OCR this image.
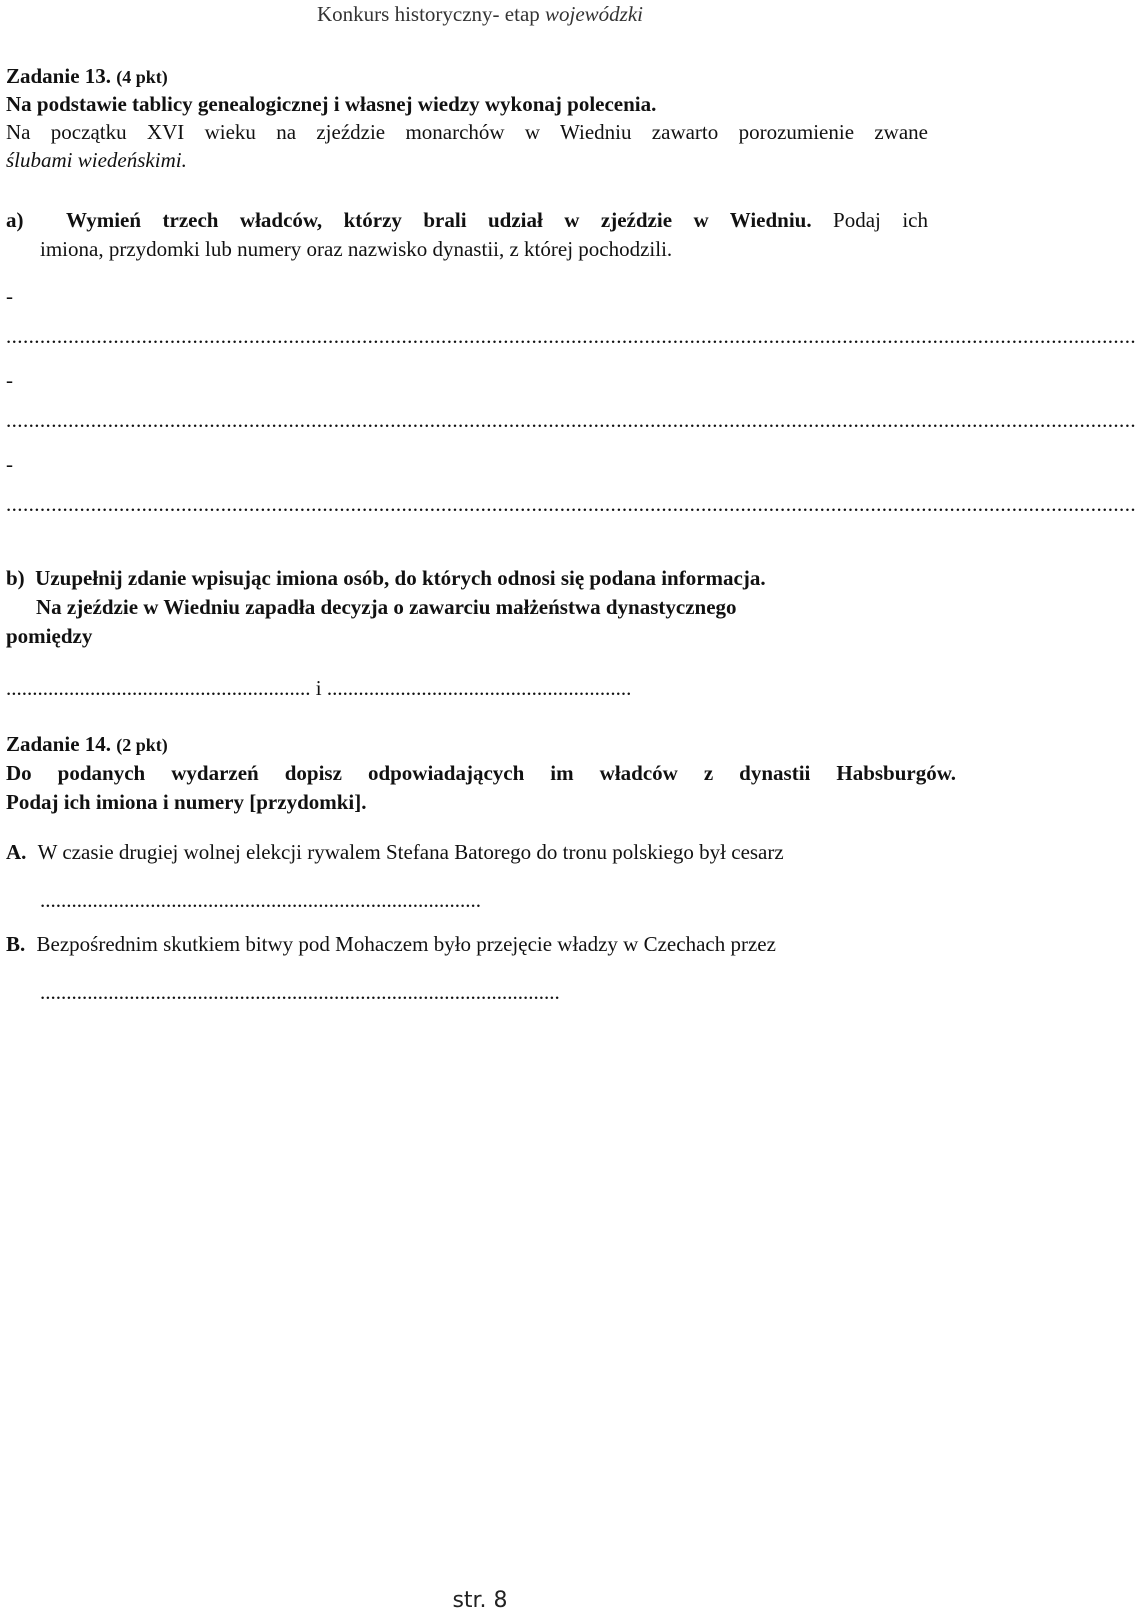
Konkurs historyczny- etap wojewódzki
Zadanie 13. (4 pkt)
Na podstawie tablicy genealogicznej i własnej wiedzy wykonaj polecenia.
Na początku XVI wieku na zjeździe monarchów w Wiedniu zawarto porozumienie zwane
ślubami wiedeńskimi.
a)  Wymień trzech władców, którzy brali udział w zjeździe w Wiedniu. Podaj ich
imiona, przydomki lub numery oraz nazwisko dynastii, z której pochodzili.
-
........................................................................................................................................................................................................
-
........................................................................................................................................................................................................
-
........................................................................................................................................................................................................
b)  Uzupełnij zdanie wpisując imiona osób, do których odnosi się podana informacja.
Na zjeździe w Wiedniu zapadła decyzja o zawarciu małżeństwa dynastycznego
pomiędzy
.......................................................... i ..........................................................
Zadanie 14. (2 pkt)
Do podanych wydarzeń dopisz odpowiadających im władców z dynastii Habsburgów.
Podaj ich imiona i numery [przydomki].
A. W czasie drugiej wolnej elekcji rywalem Stefana Batorego do tronu polskiego był cesarz
....................................................................................
B. Bezpośrednim skutkiem bitwy pod Mohaczem było przejęcie władzy w Czechach przez
...................................................................................................
str. 8
